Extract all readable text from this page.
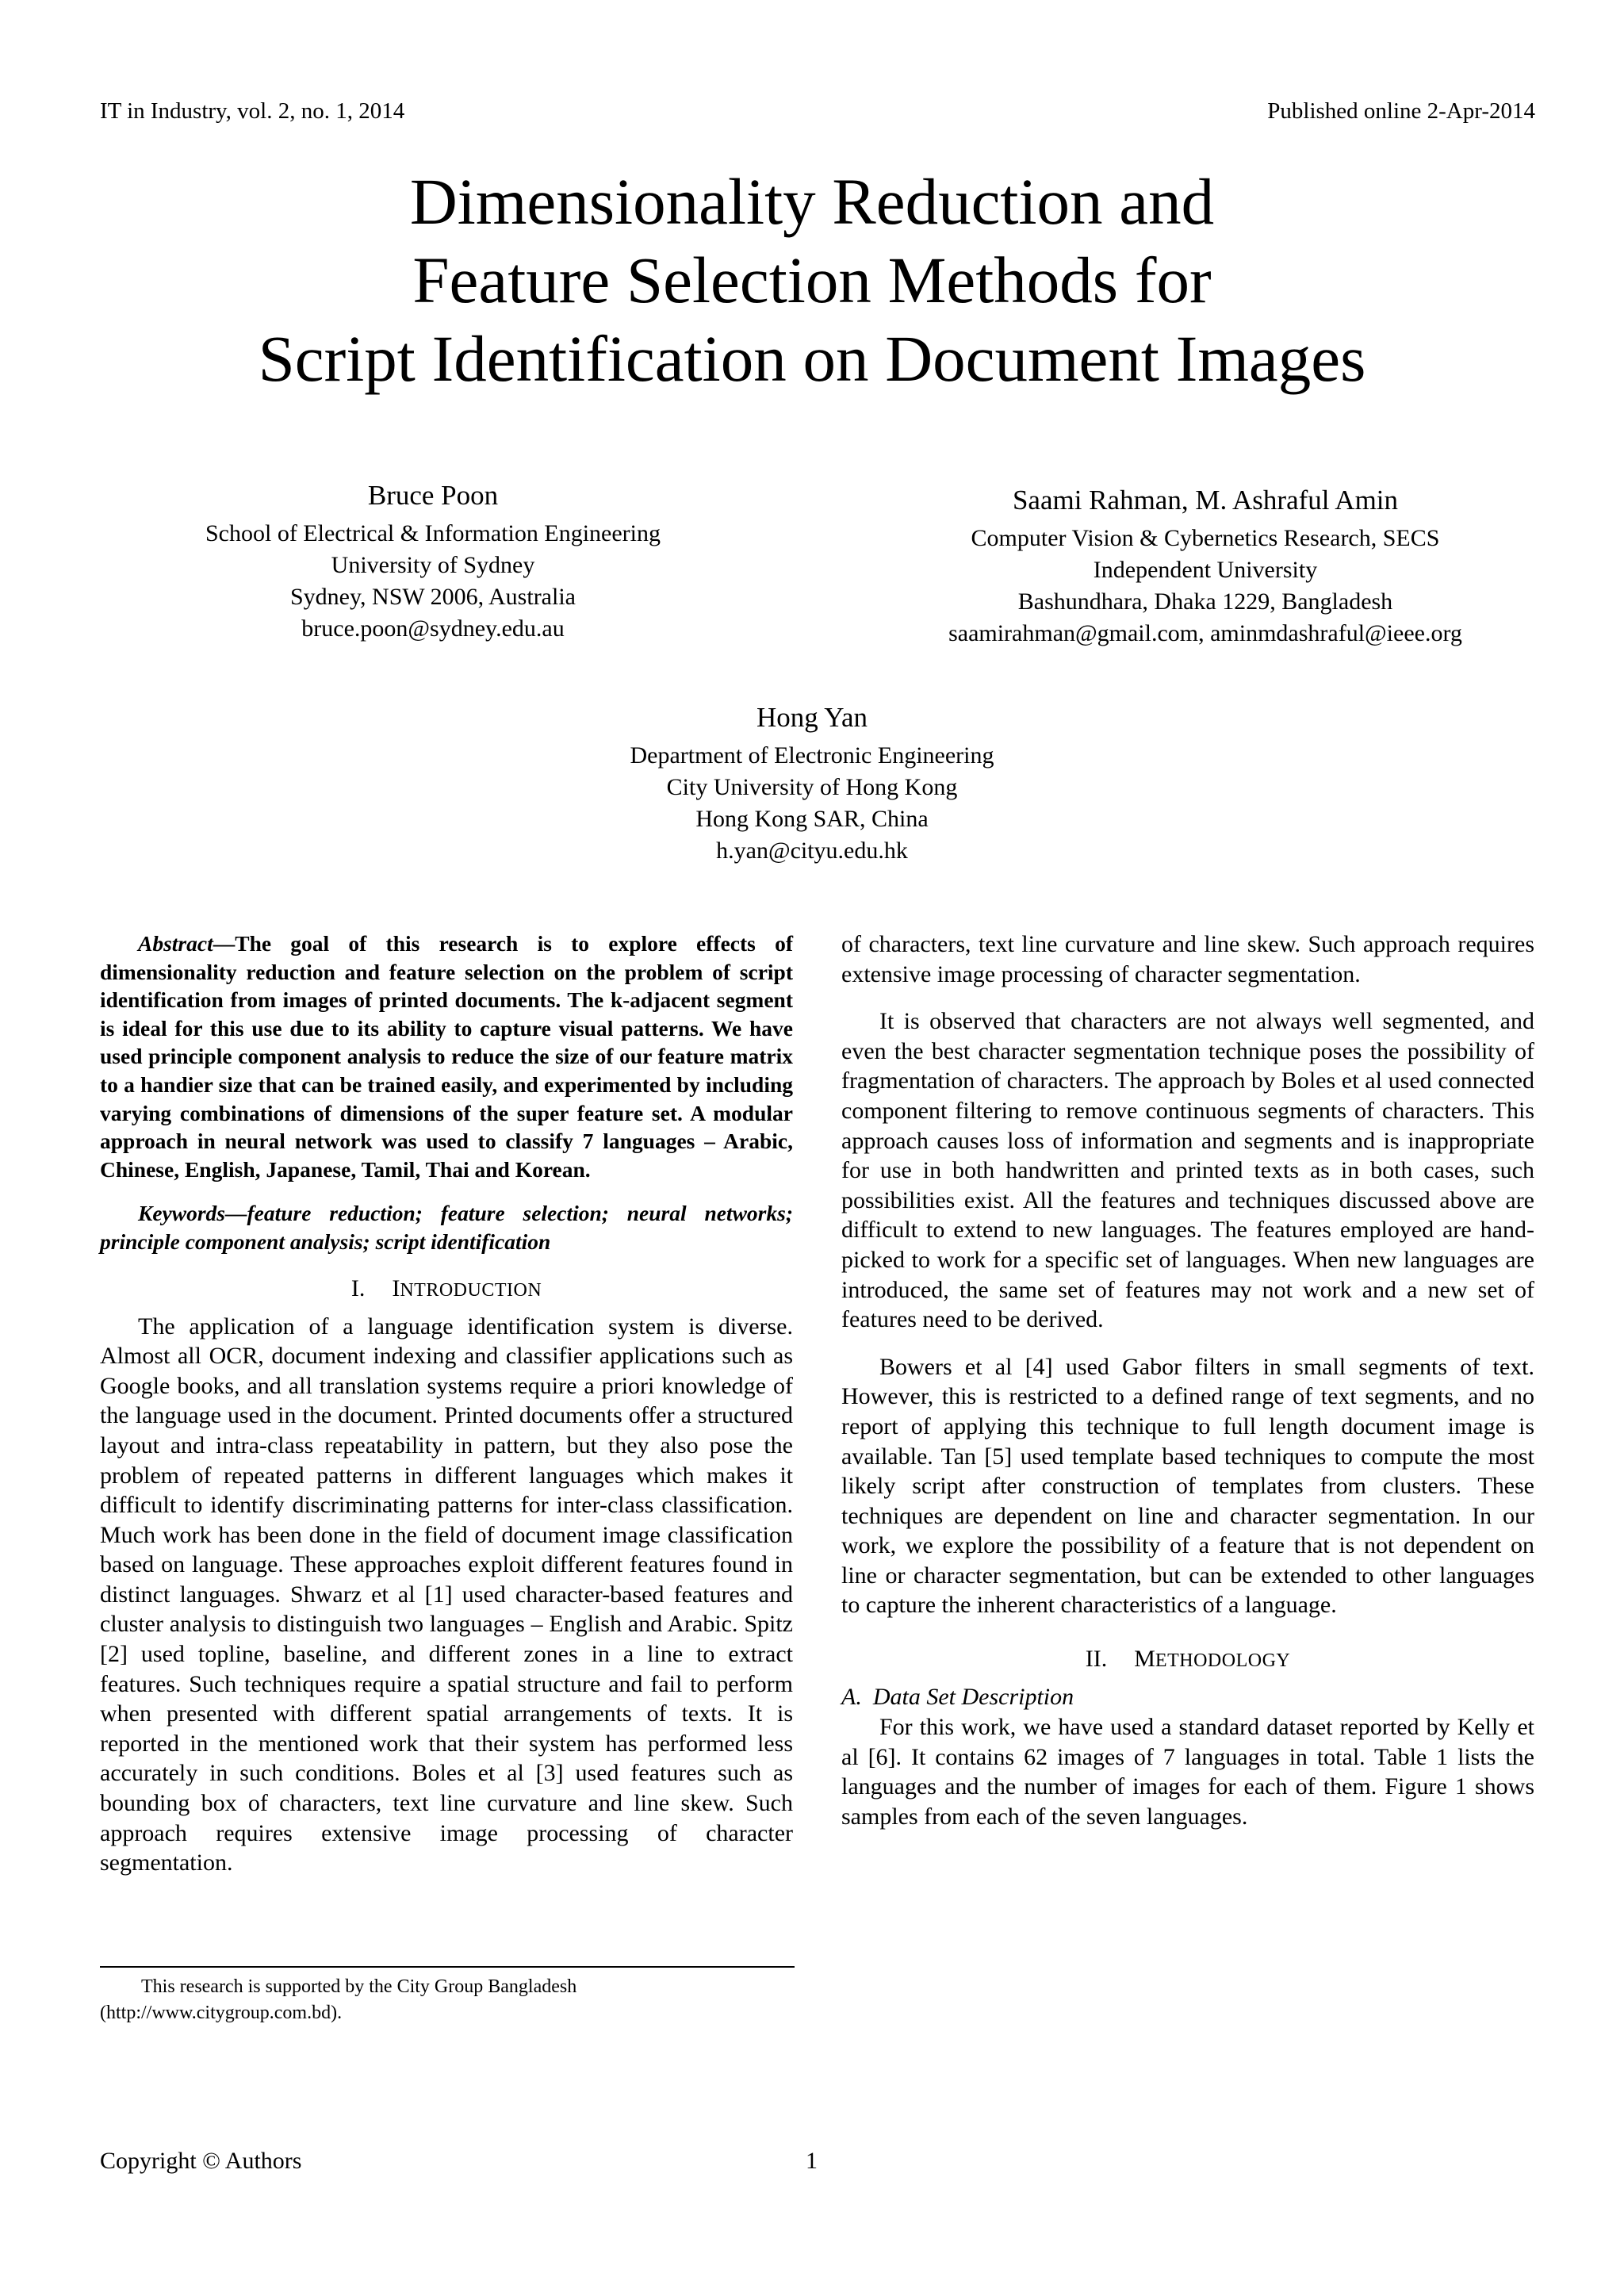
IT in Industry, vol. 2, no. 1, 2014	Published online 2-Apr-2014
Dimensionality Reduction and
Feature Selection Methods for
Script Identification on Document Images
Bruce Poon
School of Electrical & Information Engineering
University of Sydney
Sydney, NSW 2006, Australia
bruce.poon@sydney.edu.au
Saami Rahman, M. Ashraful Amin
Computer Vision & Cybernetics Research, SECS
Independent University
Bashundhara, Dhaka 1229, Bangladesh
saamirahman@gmail.com, aminmdashraful@ieee.org
Hong Yan
Department of Electronic Engineering
City University of Hong Kong
Hong Kong SAR, China
h.yan@cityu.edu.hk

Abstract—The goal of this research is to explore effects of dimensionality reduction and feature selection on the problem of script identification from images of printed documents. The k-adjacent segment is ideal for this use due to its ability to capture visual patterns. We have used principle component analysis to reduce the size of our feature matrix to a handier size that can be trained easily, and experimented by including varying combinations of dimensions of the super feature set. A modular approach in neural network was used to classify 7 languages – Arabic, Chinese, English, Japanese, Tamil, Thai and Korean.

Keywords—feature reduction; feature selection; neural networks; principle component analysis; script identification

I. INTRODUCTION

The application of a language identification system is diverse. Almost all OCR, document indexing and classifier applications such as Google books, and all translation systems require a priori knowledge of the language used in the document. Printed documents offer a structured layout and intra-class repeatability in pattern, but they also pose the problem of repeated patterns in different languages which makes it difficult to identify discriminating patterns for inter-class classification. Much work has been done in the field of document image classification based on language. These approaches exploit different features found in distinct languages. Shwarz et al [1] used character-based features and cluster analysis to distinguish two languages – English and Arabic. Spitz [2] used topline, baseline, and different zones in a line to extract features. Such techniques require a spatial structure and fail to perform when presented with different spatial arrangements of texts. It is reported in the mentioned work that their system has performed less accurately in such conditions. Boles et al [3] used features such as bounding box of characters, text line curvature and line skew. Such approach requires extensive image processing of character segmentation.

of characters, text line curvature and line skew. Such approach requires extensive image processing of character segmentation.

It is observed that characters are not always well segmented, and even the best character segmentation technique poses the possibility of fragmentation of characters. The approach by Boles et al used connected component filtering to remove continuous segments of characters. This approach causes loss of information and segments and is inappropriate for use in both handwritten and printed texts as in both cases, such possibilities exist. All the features and techniques discussed above are difficult to extend to new languages. The features employed are hand-picked to work for a specific set of languages. When new languages are introduced, the same set of features may not work and a new set of features need to be derived.

Bowers et al [4] used Gabor filters in small segments of text. However, this is restricted to a defined range of text segments, and no report of applying this technique to full length document image is available. Tan [5] used template based techniques to compute the most likely script after construction of templates from clusters. These techniques are dependent on line and character segmentation. In our work, we explore the possibility of a feature that is not dependent on line or character segmentation, but can be extended to other languages to capture the inherent characteristics of a language.

II. METHODOLOGY
A. Data Set Description

For this work, we have used a standard dataset reported by Kelly et al [6]. It contains 62 images of 7 languages in total. Table 1 lists the languages and the number of images for each of them. Figure 1 shows samples from each of the seven languages.

This research is supported by the City Group Bangladesh
(http://www.citygroup.com.bd).
Copyright © Authors	1
